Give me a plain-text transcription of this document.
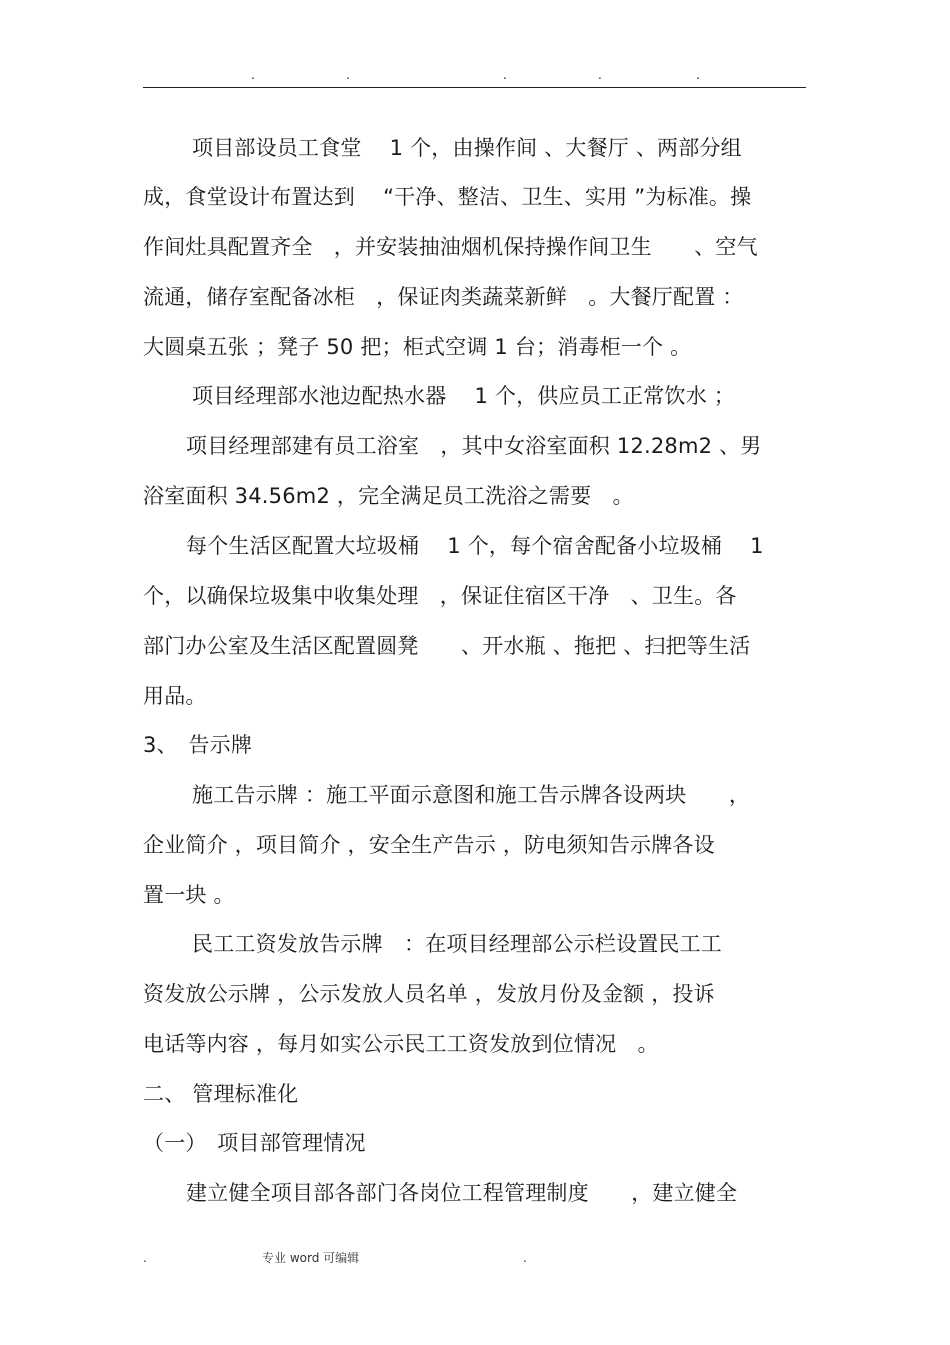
.	.	.	.	.
项目部设员工食堂　 1 个，由操作间 、大餐厅 、两部分组
成，食堂设计布置达到　 “干净、整洁、卫生、实用 ”为标准。操
作间灶具配置齐全　，并安装抽油烟机保持操作间卫生　　、空气
流通，储存室配备冰柜　，保证肉类蔬菜新鲜　。大餐厅配置 ：
大圆桌五张 ；凳子 50 把；柜式空调 1 台；消毒柜一个 。
项目经理部水池边配热水器　 1 个，供应员工正常饮水 ；
项目经理部建有员工浴室　，其中女浴室面积 12.28m2 、男
浴室面积 34.56m2 ，完全满足员工洗浴之需要　。
每个生活区配置大垃圾桶　 1 个，每个宿舍配备小垃圾桶　 1
个，以确保垃圾集中收集处理　，保证住宿区干净　、卫生。各
部门办公室及生活区配置圆凳　　、开水瓶 、拖把 、扫把等生活
用品。
3、　告示牌
施工告示牌 ：施工平面示意图和施工告示牌各设两块　　，
企业简介 ，项目简介 ，安全生产告示 ，防电须知告示牌各设
置一块 。
民工工资发放告示牌　：在项目经理部公示栏设置民工工
资发放公示牌 ，公示发放人员名单 ，发放月份及金额 ，投诉
电话等内容 ，每月如实公示民工工资发放到位情况　。
二、 管理标准化
（一）　项目部管理情况
建立健全项目部各部门各岗位工程管理制度　　，建立健全
.	专业 word 可编辑	.
